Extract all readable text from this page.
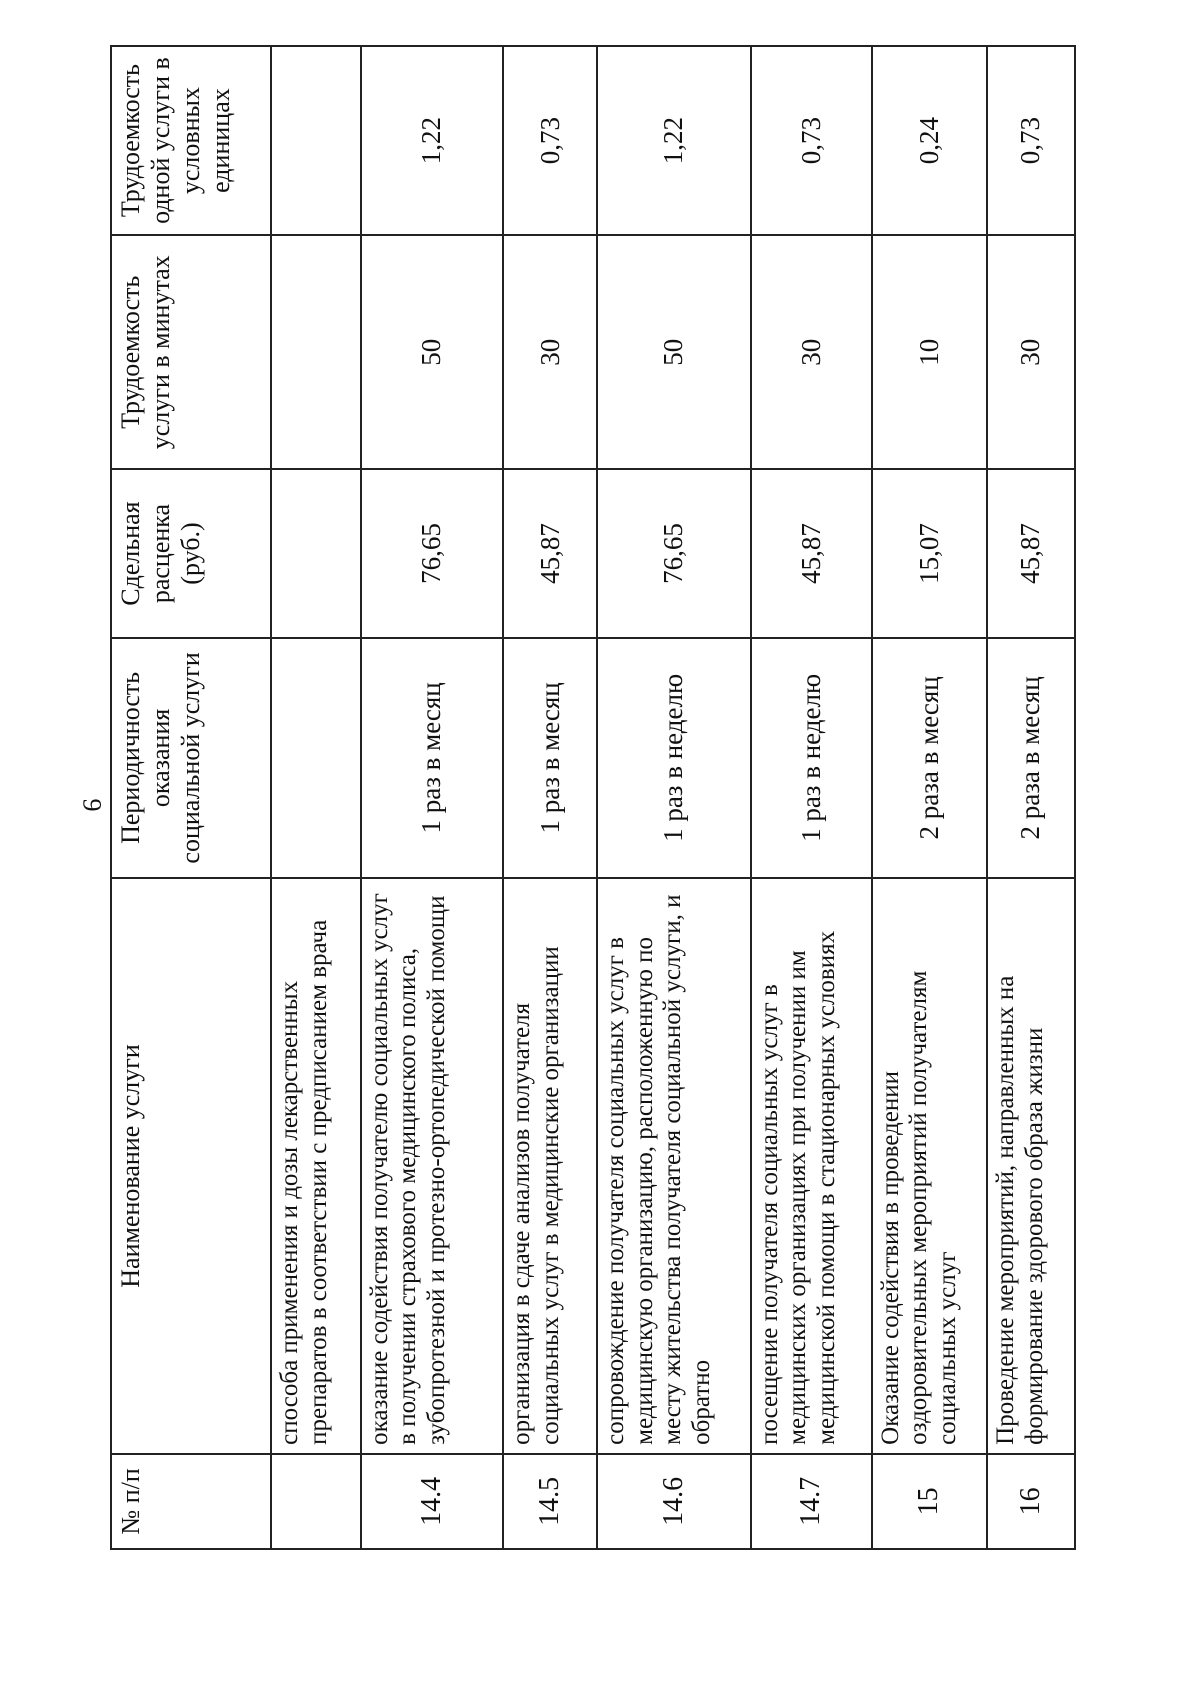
9
№ п/п	Наименование услуги	Периодичность оказания социальной услуги	Сдельная расценка (руб.)	Трудоемкость услуги в минутах	Трудоемкость одной услуги в условных единицах
	способа применения и дозы лекарственных препаратов в соответствии с предписанием врача				
14.4	оказание содействия получателю социальных услуг в получении страхового медицинского полиса, зубопротезной и протезно-ортопедической помощи	1 раз в месяц	76,65	50	1,22
14.5	организация в сдаче анализов получателя социальных услуг в медицинские организации	1 раз в месяц	45,87	30	0,73
14.6	сопровождение получателя социальных услуг в медицинскую организацию, расположенную по месту жительства получателя социальной услуги, и обратно	1 раз в неделю	76,65	50	1,22
14.7	посещение получателя социальных услуг в медицинских организациях при получении им медицинской помощи в стационарных условиях	1 раз в неделю	45,87	30	0,73
15	Оказание содействия в проведении оздоровительных мероприятий получателям социальных услуг	2 раза в месяц	15,07	10	0,24
16	Проведение мероприятий, направленных на формирование здорового образа жизни	2 раза в месяц	45,87	30	0,73
